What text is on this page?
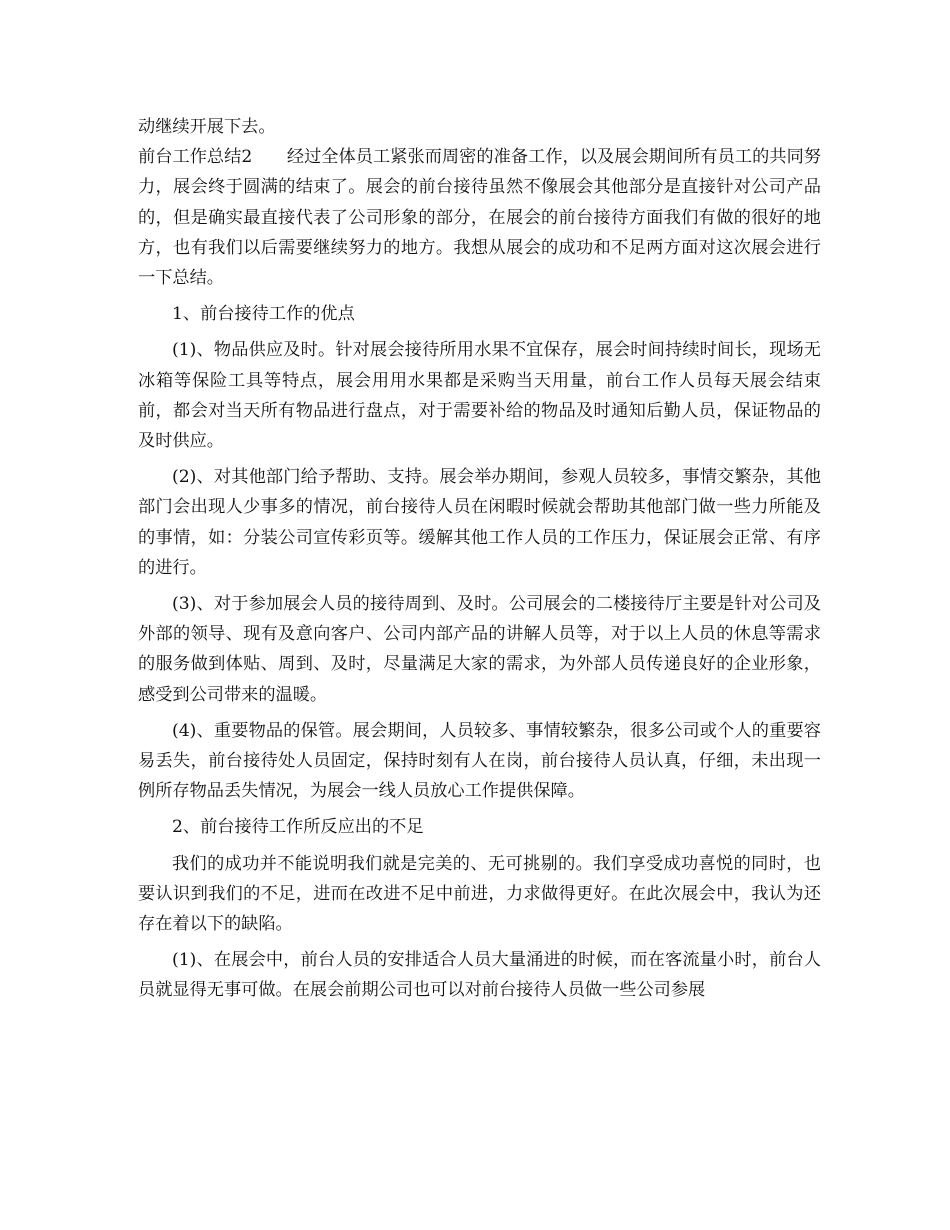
动继续开展下去。

前台工作总结2　　经过全体员工紧张而周密的准备工作，以及展会期间所有员工的共同努力，展会终于圆满的结束了。展会的前台接待虽然不像展会其他部分是直接针对公司产品的，但是确实最直接代表了公司形象的部分，在展会的前台接待方面我们有做的很好的地方，也有我们以后需要继续努力的地方。我想从展会的成功和不足两方面对这次展会进行一下总结。

1、前台接待工作的优点

(1)、物品供应及时。针对展会接待所用水果不宜保存，展会时间持续时间长，现场无冰箱等保险工具等特点，展会用用水果都是采购当天用量，前台工作人员每天展会结束前，都会对当天所有物品进行盘点，对于需要补给的物品及时通知后勤人员，保证物品的及时供应。

(2)、对其他部门给予帮助、支持。展会举办期间，参观人员较多，事情交繁杂，其他部门会出现人少事多的情况，前台接待人员在闲暇时候就会帮助其他部门做一些力所能及的事情，如：分装公司宣传彩页等。缓解其他工作人员的工作压力，保证展会正常、有序的进行。

(3)、对于参加展会人员的接待周到、及时。公司展会的二楼接待厅主要是针对公司及外部的领导、现有及意向客户、公司内部产品的讲解人员等，对于以上人员的休息等需求的服务做到体贴、周到、及时，尽量满足大家的需求，为外部人员传递良好的企业形象，感受到公司带来的温暖。

(4)、重要物品的保管。展会期间，人员较多、事情较繁杂，很多公司或个人的重要容易丢失，前台接待处人员固定，保持时刻有人在岗，前台接待人员认真，仔细，未出现一例所存物品丢失情况，为展会一线人员放心工作提供保障。

2、前台接待工作所反应出的不足

我们的成功并不能说明我们就是完美的、无可挑剔的。我们享受成功喜悦的同时，也要认识到我们的不足，进而在改进不足中前进，力求做得更好。在此次展会中，我认为还存在着以下的缺陷。

(1)、在展会中，前台人员的安排适合人员大量涌进的时候，而在客流量小时，前台人员就显得无事可做。在展会前期公司也可以对前台接待人员做一些公司参展
